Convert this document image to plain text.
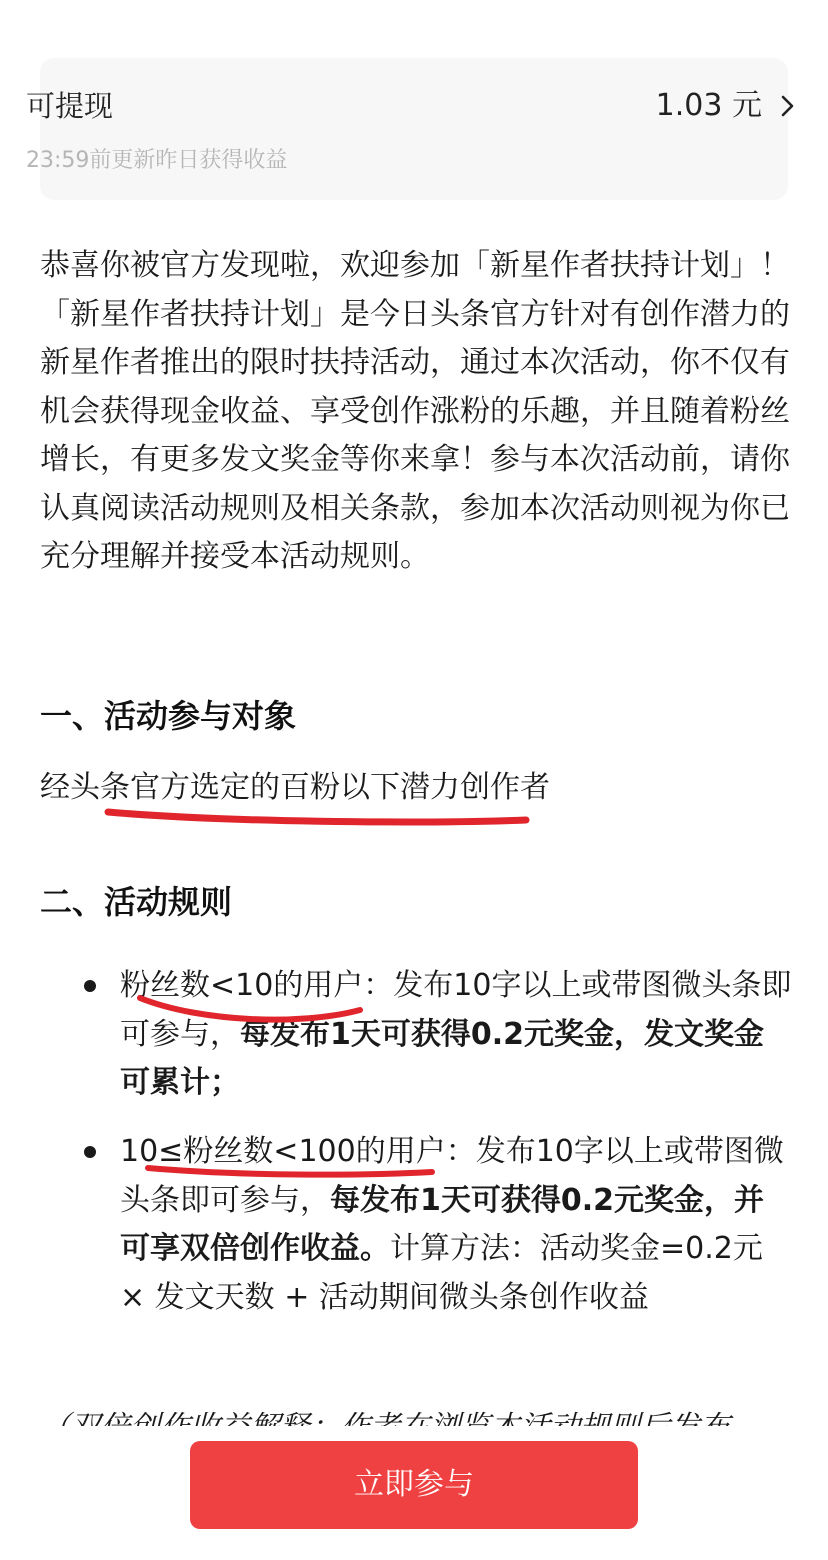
可提现	1.03 元
23:59前更新昨日获得收益

恭喜你被官方发现啦，欢迎参加「新星作者扶持计划」！「新星作者扶持计划」是今日头条官方针对有创作潜力的新星作者推出的限时扶持活动，通过本次活动，你不仅有机会获得现金收益、享受创作涨粉的乐趣，并且随着粉丝增长，有更多发文奖金等你来拿！参与本次活动前，请你认真阅读活动规则及相关条款，参加本次活动则视为你已充分理解并接受本活动规则。

一、活动参与对象

经头条官方选定的百粉以下潜力创作者

二、活动规则

粉丝数<10的用户：发布10字以上或带图微头条即可参与，每发布1天可获得0.2元奖金，发文奖金可累计；

10≤粉丝数<100的用户：发布10字以上或带图微头条即可参与，每发布1天可获得0.2元奖金，并可享双倍创作收益。计算方法：活动奖金=0.2元 × 发文天数 + 活动期间微头条创作收益

立即参与
